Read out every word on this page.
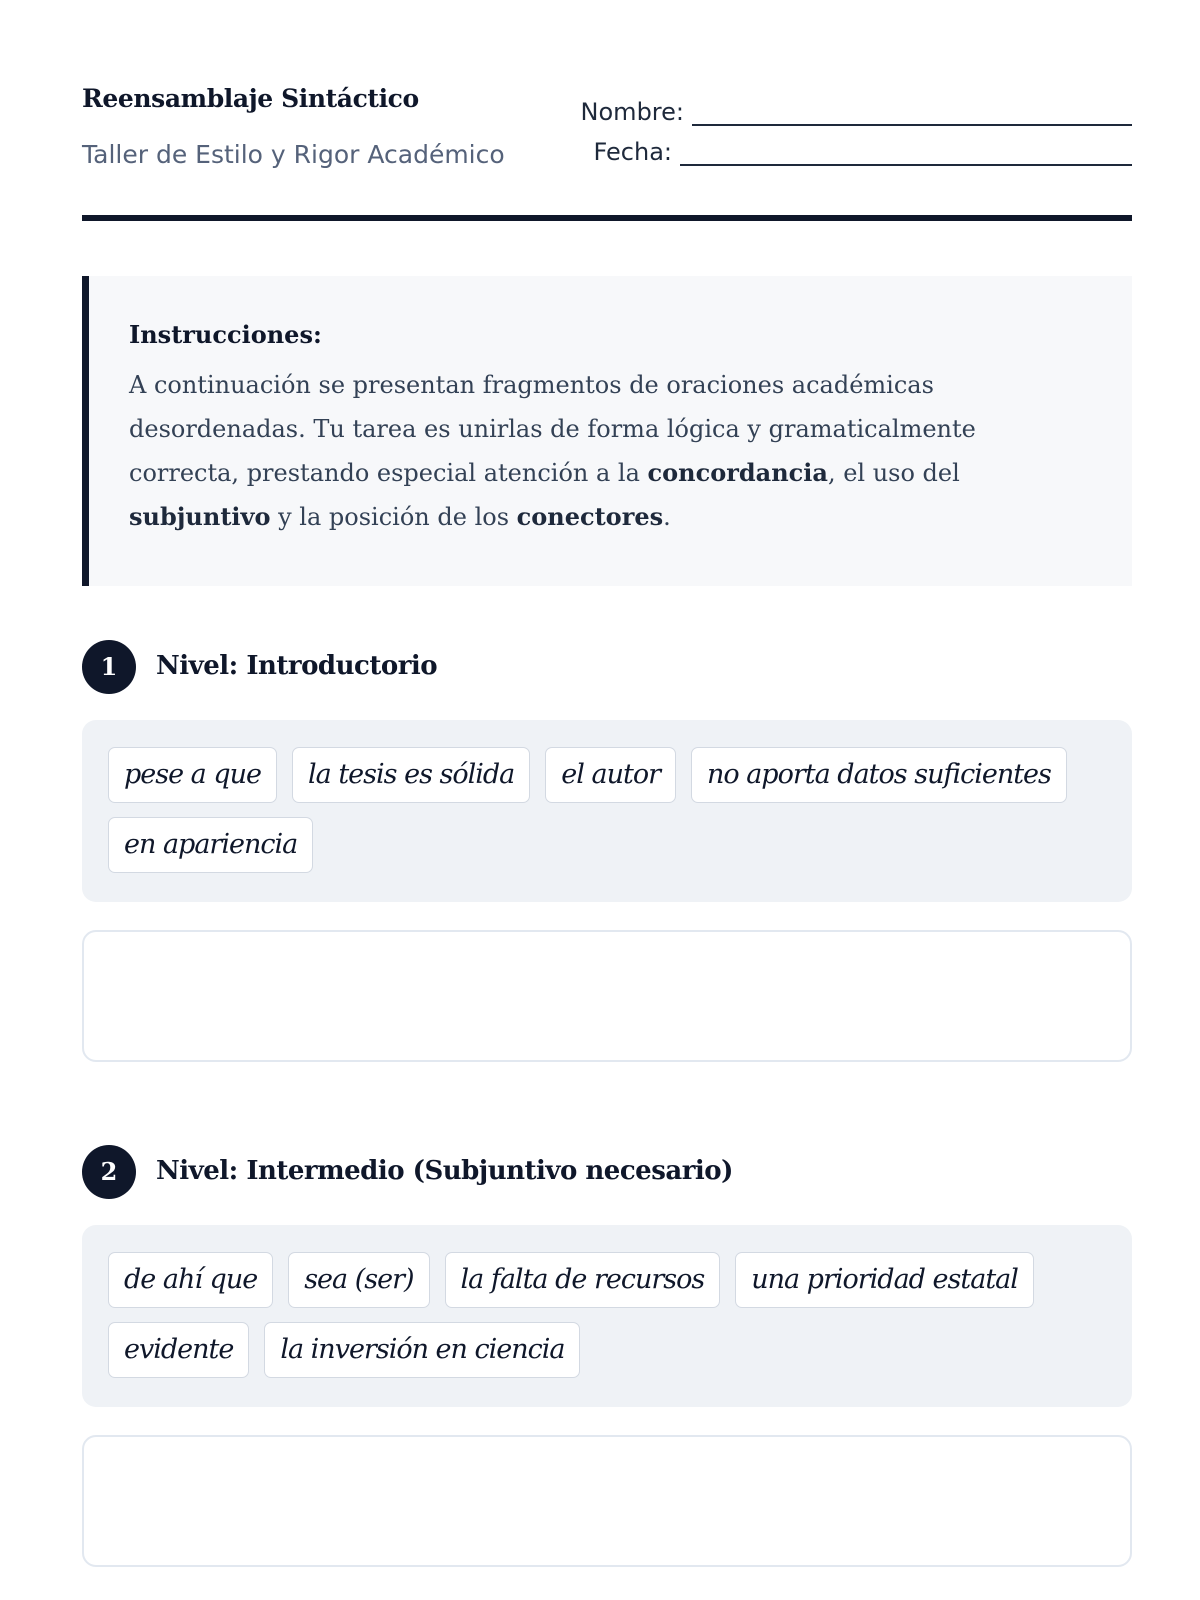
Reensamblaje Sintáctico
Taller de Estilo y Rigor Académico
Nombre:
Fecha:
Instrucciones:

A continuación se presentan fragmentos de oraciones académicas desordenadas. Tu tarea es unirlas de forma lógica y gramaticalmente correcta, prestando especial atención a la concordancia, el uso del subjuntivo y la posición de los conectores.

1	Nivel: Introductorio
pese a que	la tesis es sólida	el autor	no aporta datos suficientes
en apariencia
2	Nivel: Intermedio (Subjuntivo necesario)
de ahí que	sea (ser)	la falta de recursos	una prioridad estatal
evidente	la inversión en ciencia
